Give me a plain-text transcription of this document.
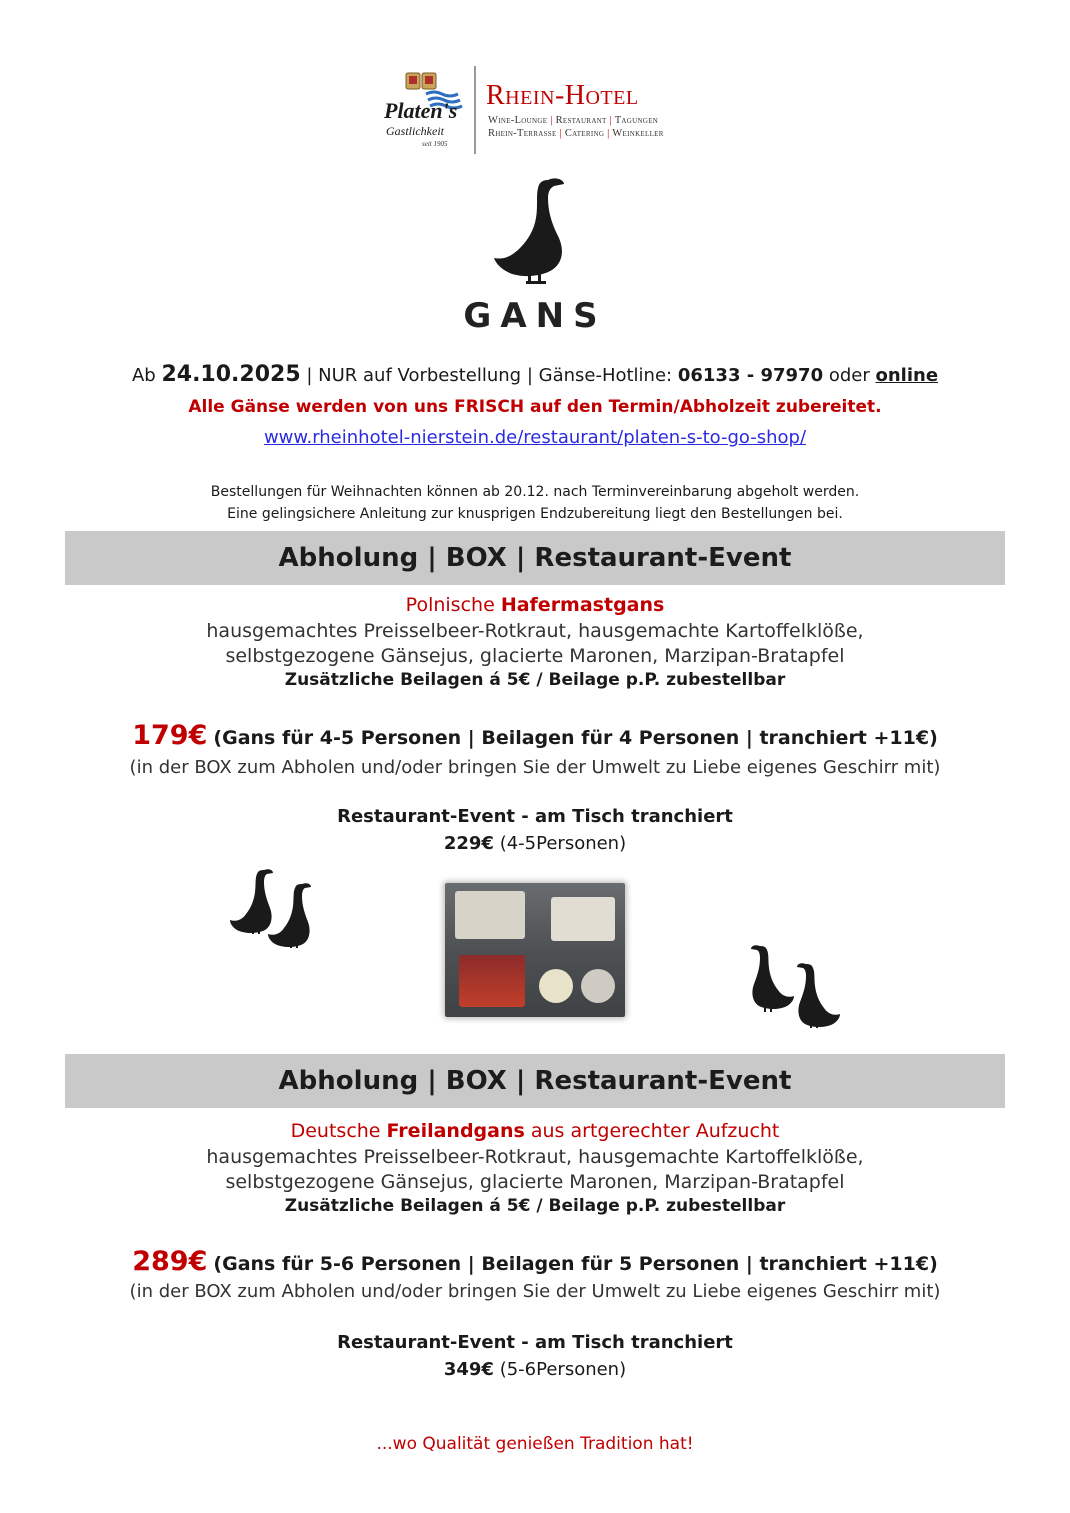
Platen's
Gastlichkeit
seit 1905
Rhein-Hotel
Wine-Lounge | Restaurant | Tagungen
Rhein-Terrasse | Catering | Weinkeller
GANS
Ab 24.10.2025 | NUR auf Vorbestellung | Gänse-Hotline: 06133 - 97970 oder online
Alle Gänse werden von uns FRISCH auf den Termin/Abholzeit zubereitet.
www.rheinhotel-nierstein.de/restaurant/platen-s-to-go-shop/
Bestellungen für Weihnachten können ab 20.12. nach Terminvereinbarung abgeholt werden.
Eine gelingsichere Anleitung zur knusprigen Endzubereitung liegt den Bestellungen bei.
Abholung | BOX | Restaurant-Event
Polnische Hafermastgans
hausgemachtes Preisselbeer-Rotkraut, hausgemachte Kartoffelklöße,
selbstgezogene Gänsejus, glacierte Maronen, Marzipan-Bratapfel
Zusätzliche Beilagen á 5€ / Beilage p.P. zubestellbar
179€ (Gans für 4-5 Personen | Beilagen für 4 Personen | tranchiert +11€)
(in der BOX zum Abholen und/oder bringen Sie der Umwelt zu Liebe eigenes Geschirr mit)
Restaurant-Event - am Tisch tranchiert
229€ (4-5Personen)
Abholung | BOX | Restaurant-Event
Deutsche Freilandgans aus artgerechter Aufzucht
hausgemachtes Preisselbeer-Rotkraut, hausgemachte Kartoffelklöße,
selbstgezogene Gänsejus, glacierte Maronen, Marzipan-Bratapfel
Zusätzliche Beilagen á 5€ / Beilage p.P. zubestellbar
289€ (Gans für 5-6 Personen | Beilagen für 5 Personen | tranchiert +11€)
(in der BOX zum Abholen und/oder bringen Sie der Umwelt zu Liebe eigenes Geschirr mit)
Restaurant-Event - am Tisch tranchiert
349€ (5-6Personen)
...wo Qualität genießen Tradition hat!
